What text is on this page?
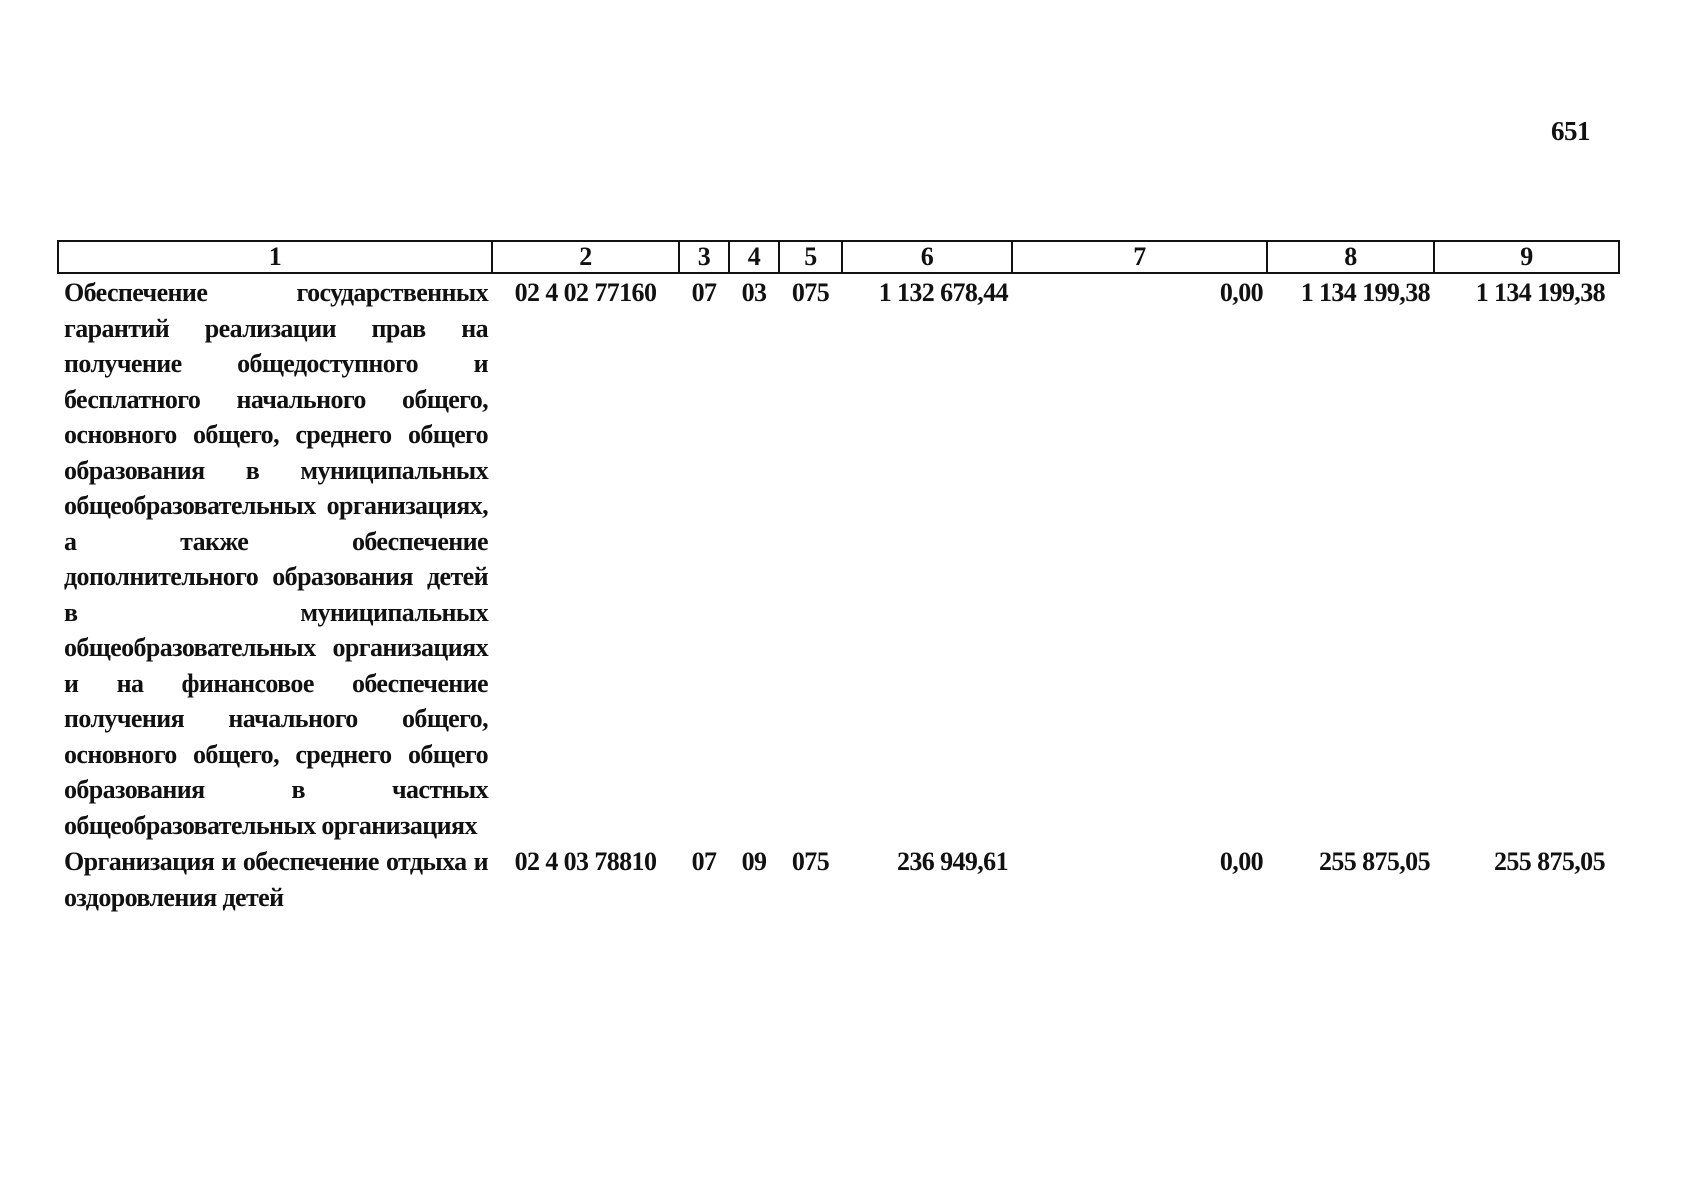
651
1	2	3	4	5	6	7	8	9
Обеспечение государственных гарантий реализации прав на получение общедоступного и бесплатного начального общего, основного общего, среднего общего образования в муниципальных общеобразовательных организациях, а также обеспечение дополнительного образования детей в муниципальных общеобразовательных организациях и на финансовое обеспечение получения начального общего, основного общего, среднего общего образования в частных общеобразовательных организациях	02 4 02 77160	07	03	075	1 132 678,44	0,00	1 134 199,38	1 134 199,38
Организация и обеспечение отдыха и оздоровления детей	02 4 03 78810	07	09	075	236 949,61	0,00	255 875,05	255 875,05
